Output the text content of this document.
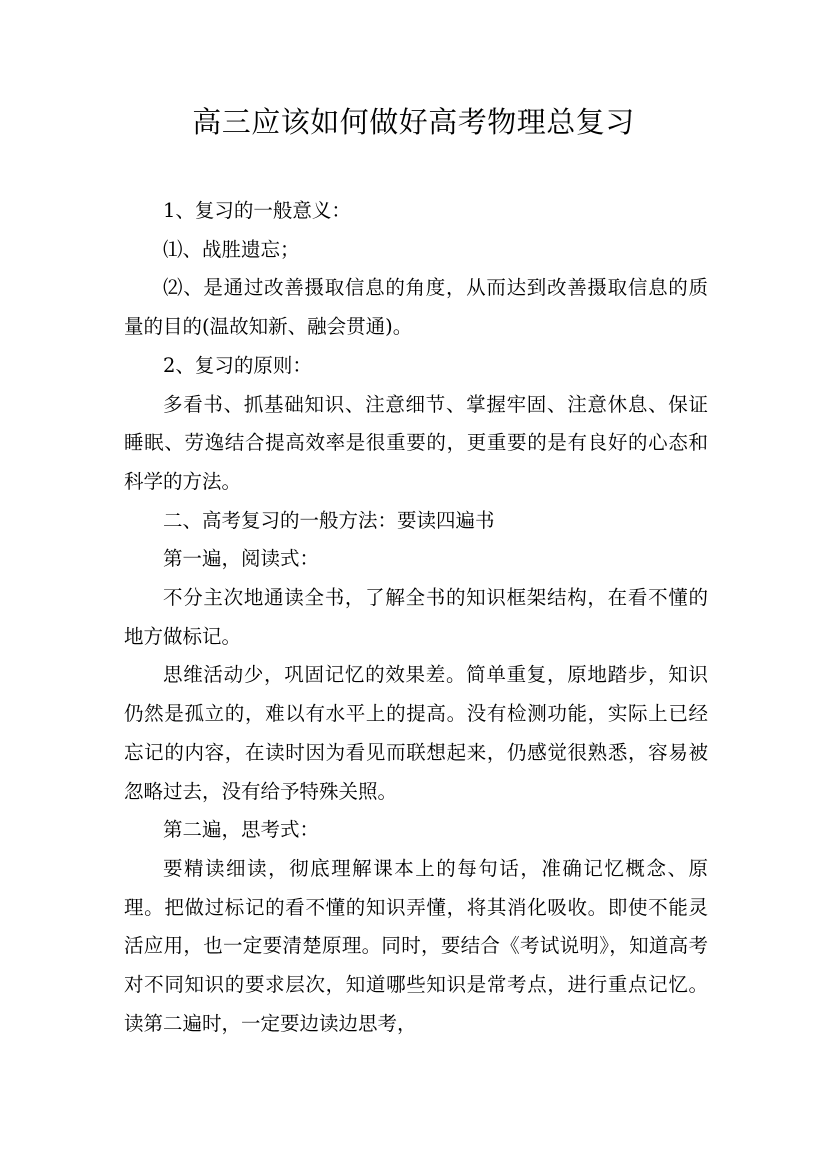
高三应该如何做好高考物理总复习

1、复习的一般意义：

⑴、战胜遗忘；

⑵、是通过改善摄取信息的角度，从而达到改善摄取信息的质量的目的(温故知新、融会贯通)。

2、复习的原则：

多看书、抓基础知识、注意细节、掌握牢固、注意休息、保证睡眠、劳逸结合提高效率是很重要的，更重要的是有良好的心态和科学的方法。

二、高考复习的一般方法：要读四遍书

第一遍，阅读式：

不分主次地通读全书，了解全书的知识框架结构，在看不懂的地方做标记。

思维活动少，巩固记忆的效果差。简单重复，原地踏步，知识仍然是孤立的，难以有水平上的提高。没有检测功能，实际上已经忘记的内容，在读时因为看见而联想起来，仍感觉很熟悉，容易被忽略过去，没有给予特殊关照。

第二遍，思考式：

要精读细读，彻底理解课本上的每句话，准确记忆概念、原理。把做过标记的看不懂的知识弄懂，将其消化吸收。即使不能灵活应用，也一定要清楚原理。同时，要结合《考试说明》，知道高考对不同知识的要求层次，知道哪些知识是常考点，进行重点记忆。读第二遍时，一定要边读边思考，
